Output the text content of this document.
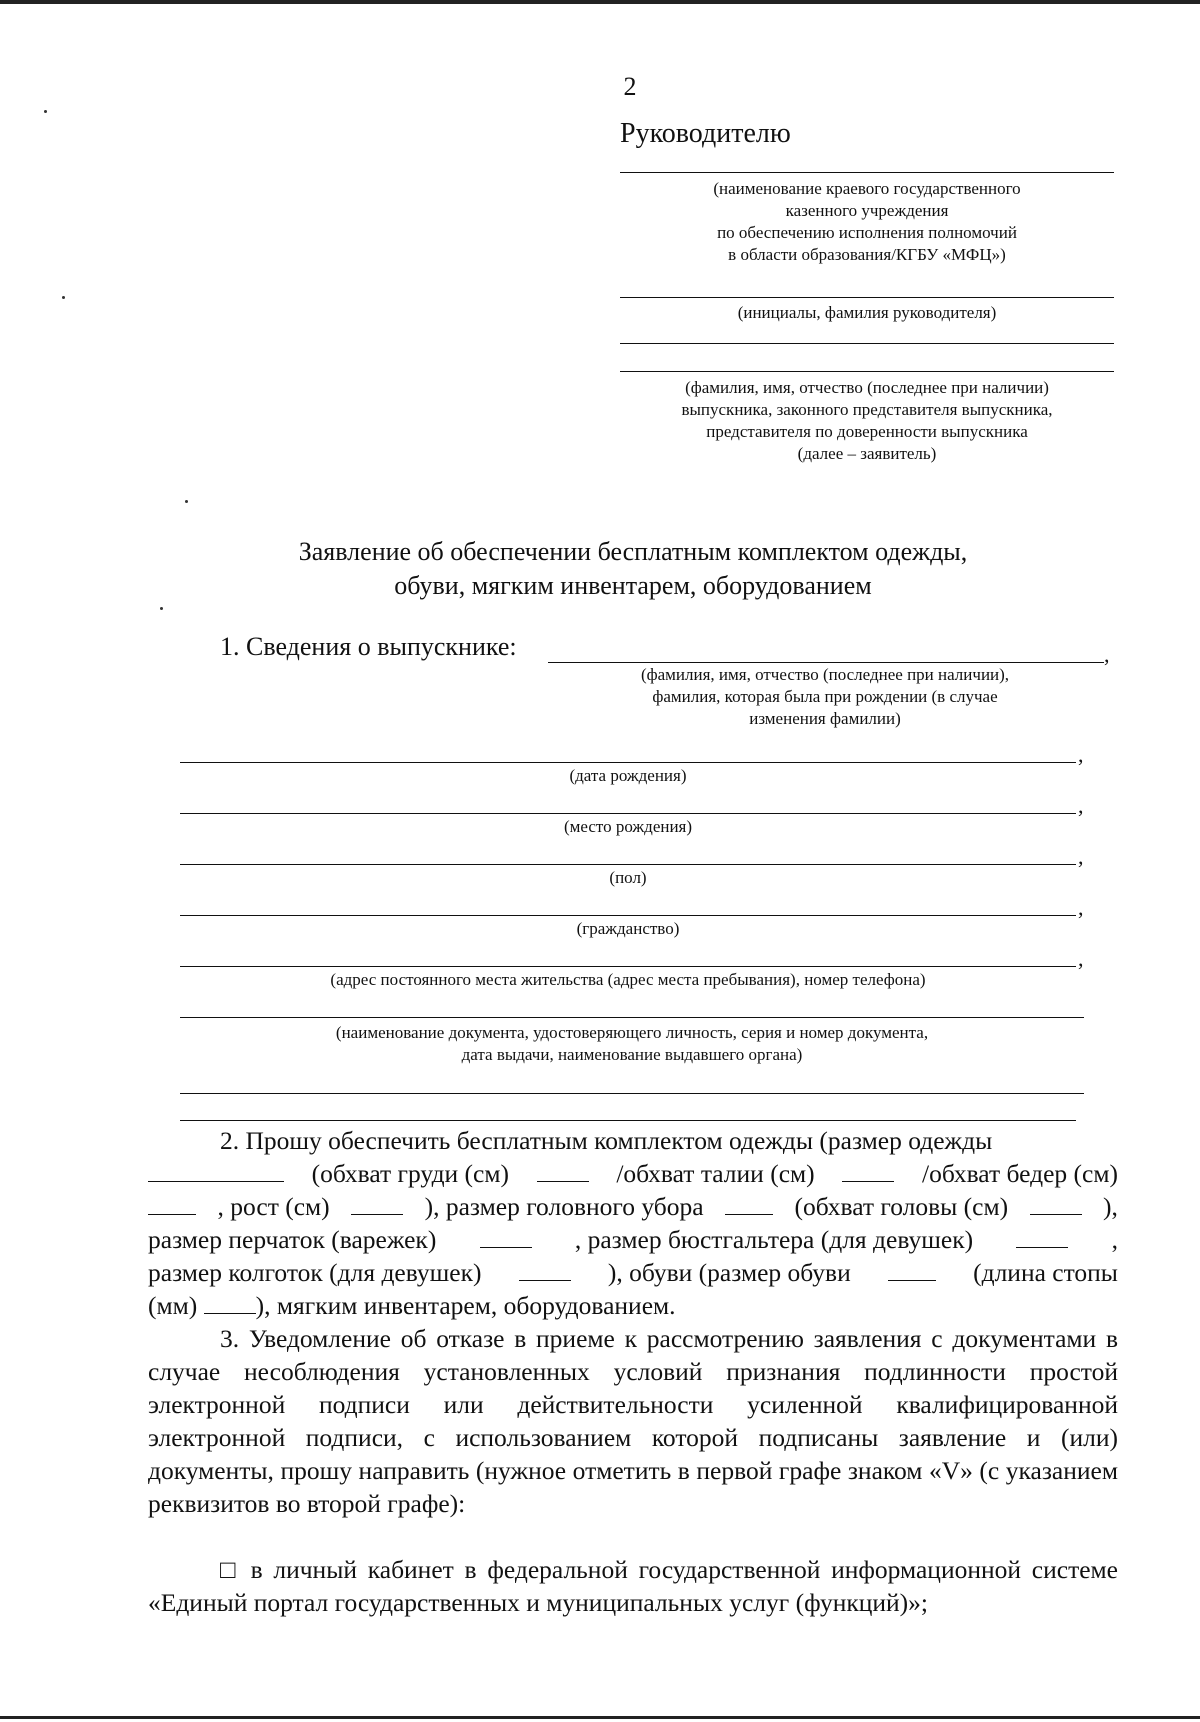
2
Руководителю
(наименование краевого государственного
казенного учреждения
по обеспечению исполнения полномочий
в области образования/КГБУ «МФЦ»)
(инициалы, фамилия руководителя)
(фамилия, имя, отчество (последнее при наличии)
выпускника, законного представителя выпускника,
представителя по доверенности выпускника
(далее – заявитель)
Заявление об обеспечении бесплатным комплектом одежды,
обуви, мягким инвентарем, оборудованием
1. Сведения о выпускнике:	,
(фамилия, имя, отчество (последнее при наличии),
фамилия, которая была при рождении (в случае
изменения фамилии)
,
(дата рождения)
,
(место рождения)
,
(пол)
,
(гражданство)
,
(адрес постоянного места жительства (адрес места пребывания), номер телефона)
(наименование документа, удостоверяющего личность, серия и номер документа,
дата выдачи, наименование выдавшего органа)
2. Прошу обеспечить бесплатным комплектом одежды (размер одежды
(обхват груди (см)	/обхват талии (см)	/обхват бедер (см)
, рост (см)	), размер головного убора	(обхват головы (см)	),
размер перчаток (варежек)	, размер бюстгальтера (для девушек)	,
размер колготок (для девушек)	), обуви (размер обуви	(длина стопы
(мм) ), мягким инвентарем, оборудованием.
3. Уведомление об отказе в приеме к рассмотрению заявления с документами в случае несоблюдения установленных условий признания подлинности простой электронной подписи или действительности усиленной квалифицированной электронной подписи, с использованием которой подписаны заявление и (или) документы, прошу направить (нужное отметить в первой графе знаком «V» (с указанием реквизитов во второй графе):
□ в личный кабинет в федеральной государственной информационной системе «Единый портал государственных и муниципальных услуг (функций)»;
